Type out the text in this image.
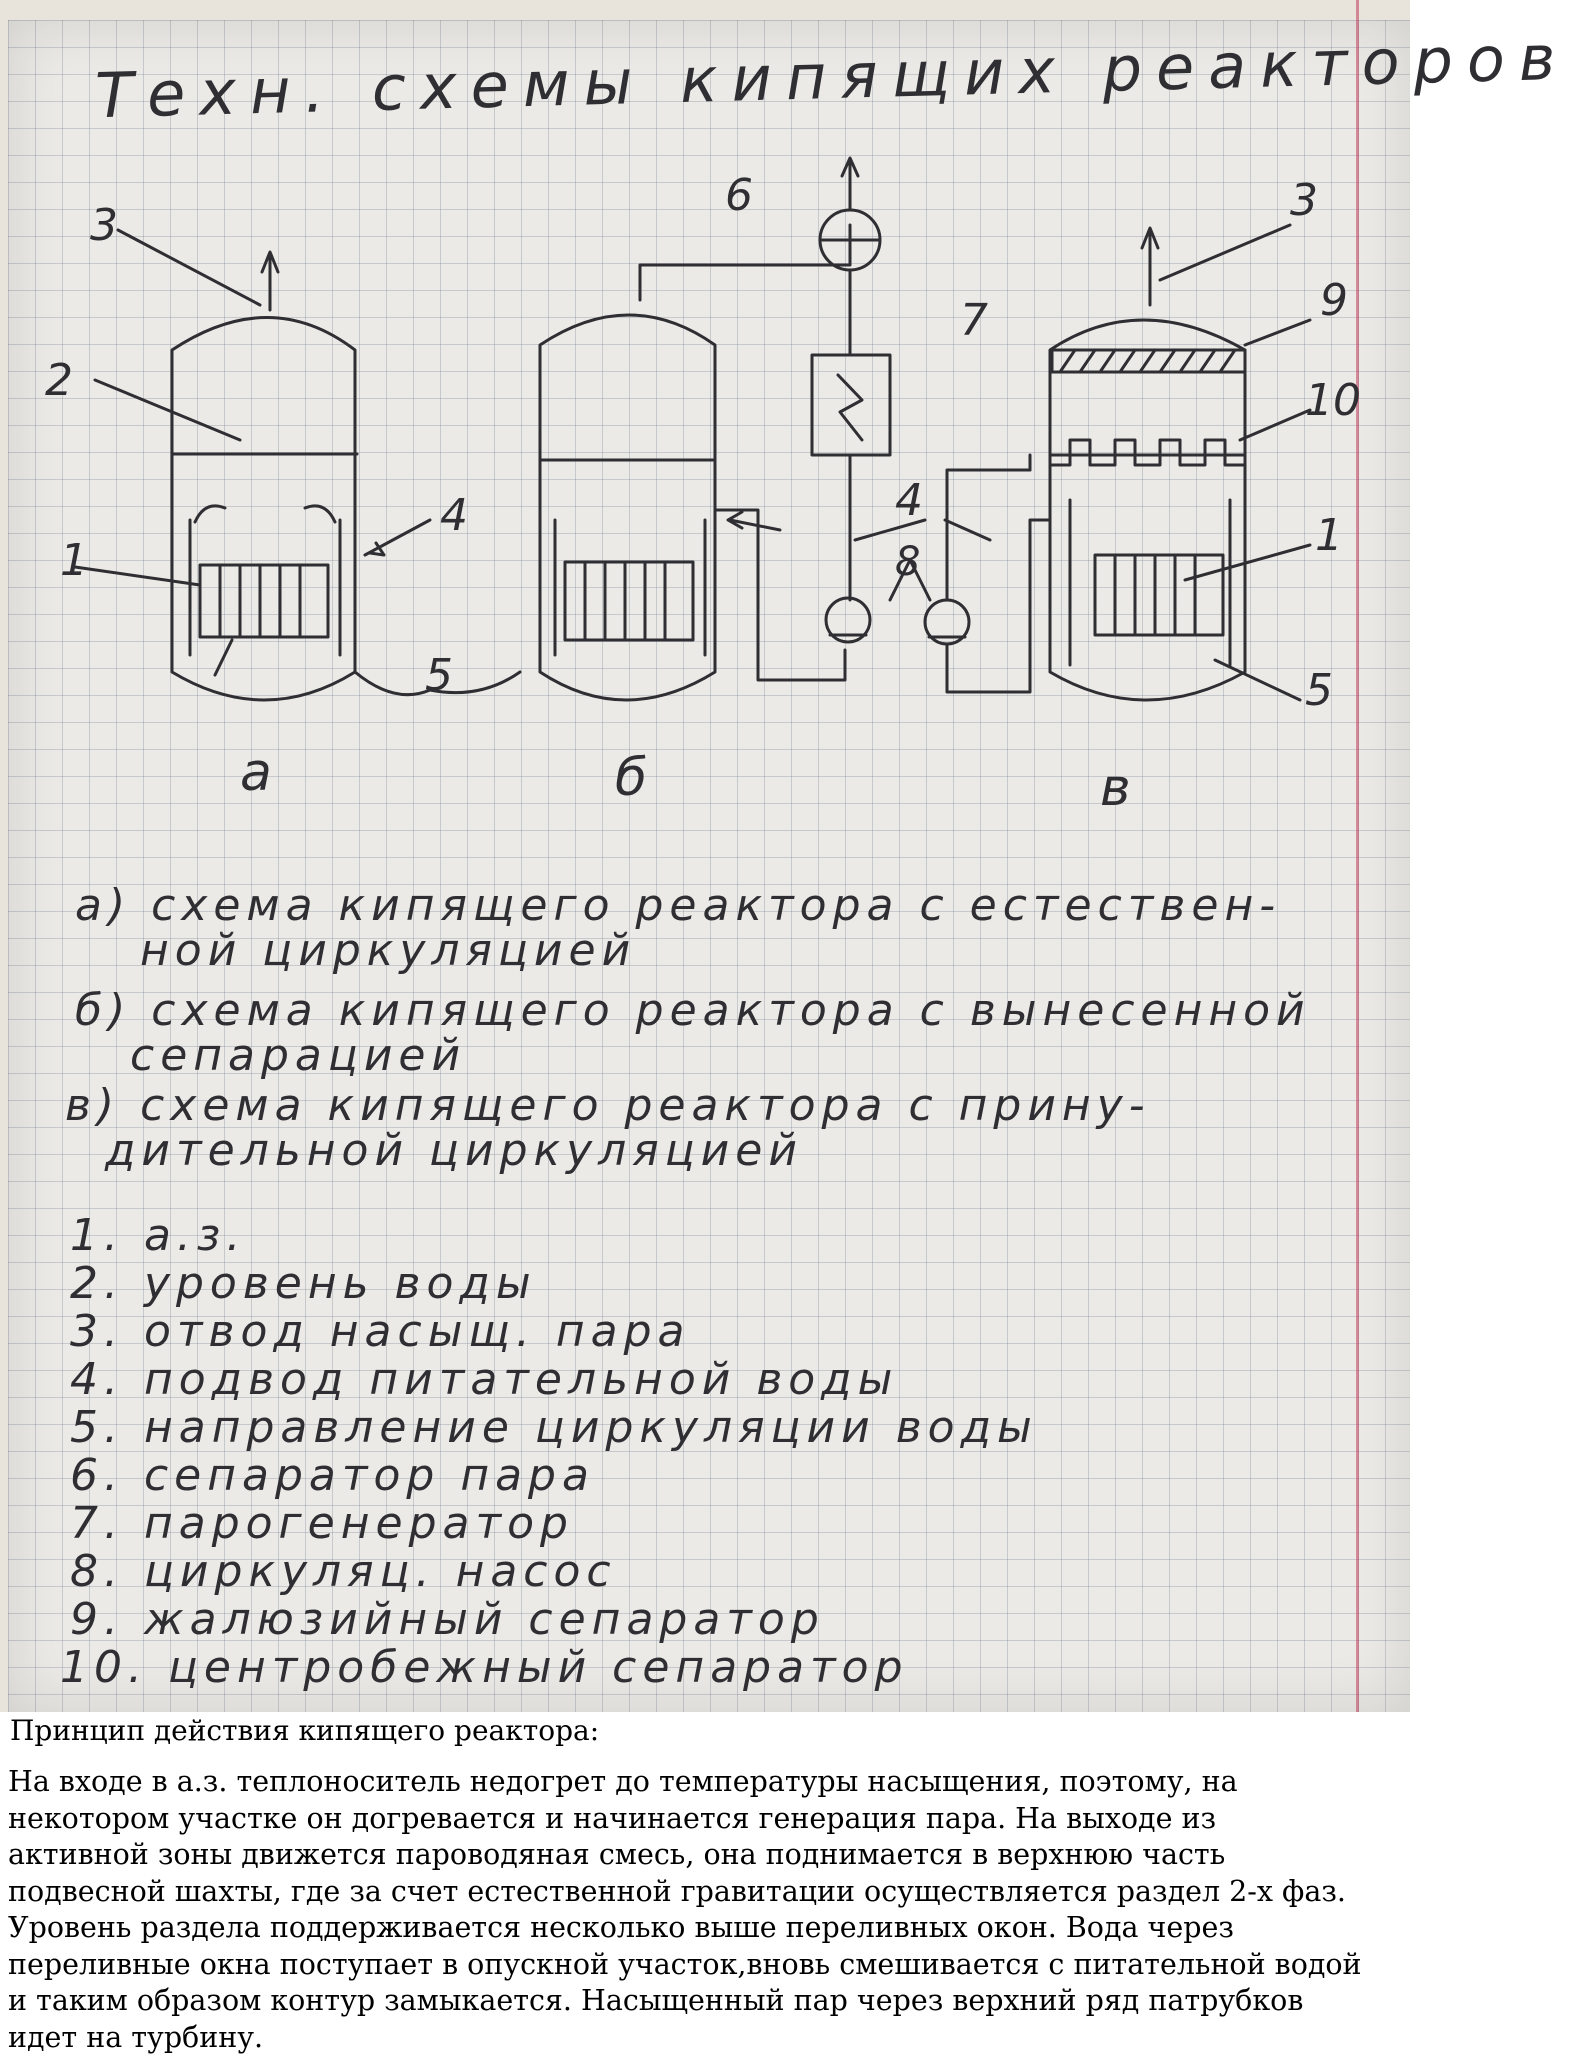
Техн. схемы кипящих реакторов
3
2
1
4
5
6
7
4
8
3
9
10
1
5
а	б	в
а) схема кипящего реактора с естествен-
ной циркуляцией
б) схема кипящего реактора с вынесенной
сепарацией
в) схема кипящего реактора с прину-
дительной циркуляцией
1. а.з.
2. уровень воды
3. отвод насыщ. пара
4. подвод питательной воды
5. направление циркуляции воды
6. сепаратор пара
7. парогенератор
8. циркуляц. насос
9. жалюзийный сепаратор
10. центробежный сепаратор
Принцип действия кипящего реактора:
На входе в а.з. теплоноситель недогрет до температуры насыщения, поэтому, на
некотором участке он догревается и начинается генерация пара. На выходе из
активной зоны движется пароводяная смесь, она поднимается в верхнюю часть
подвесной шахты, где за счет естественной гравитации осуществляется раздел 2-х фаз.
Уровень раздела поддерживается несколько выше переливных окон. Вода через
переливные окна поступает в опускной участок,вновь смешивается с питательной водой
и таким образом контур замыкается. Насыщенный пар через верхний ряд патрубков
идет на турбину.
